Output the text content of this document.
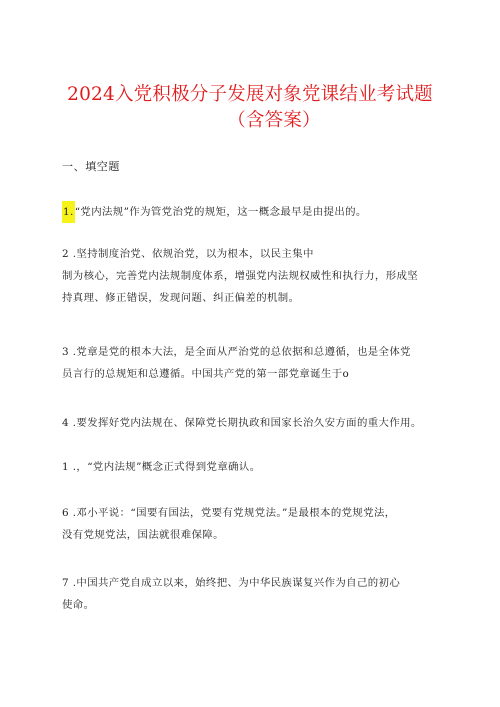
2024入党积极分子发展对象党课结业考试题
（含答案）
一、填空题
1.“党内法规”作为管党治党的规矩，这一概念最早是由提出的。
2 .坚持制度治党、依规治党，以为根本，以民主集中
制为核心，完善党内法规制度体系，增强党内法规权威性和执行力，形成坚
持真理、修正错误，发现问题、纠正偏差的机制。
3 .党章是党的根本大法，是全面从严治党的总依据和总遵循，也是全体党
员言行的总规矩和总遵循。中国共产党的第一部党章诞生于o
4 .要发挥好党内法规在、保障党长期执政和国家长治久安方面的重大作用。
1 .，“党内法规”概念正式得到党章确认。
6 .邓小平说：“国要有国法，党要有党规党法。”是最根本的党规党法，
没有党规党法，国法就很难保障。
7 .中国共产党自成立以来，始终把、为中华民族谋复兴作为自己的初心
使命。
